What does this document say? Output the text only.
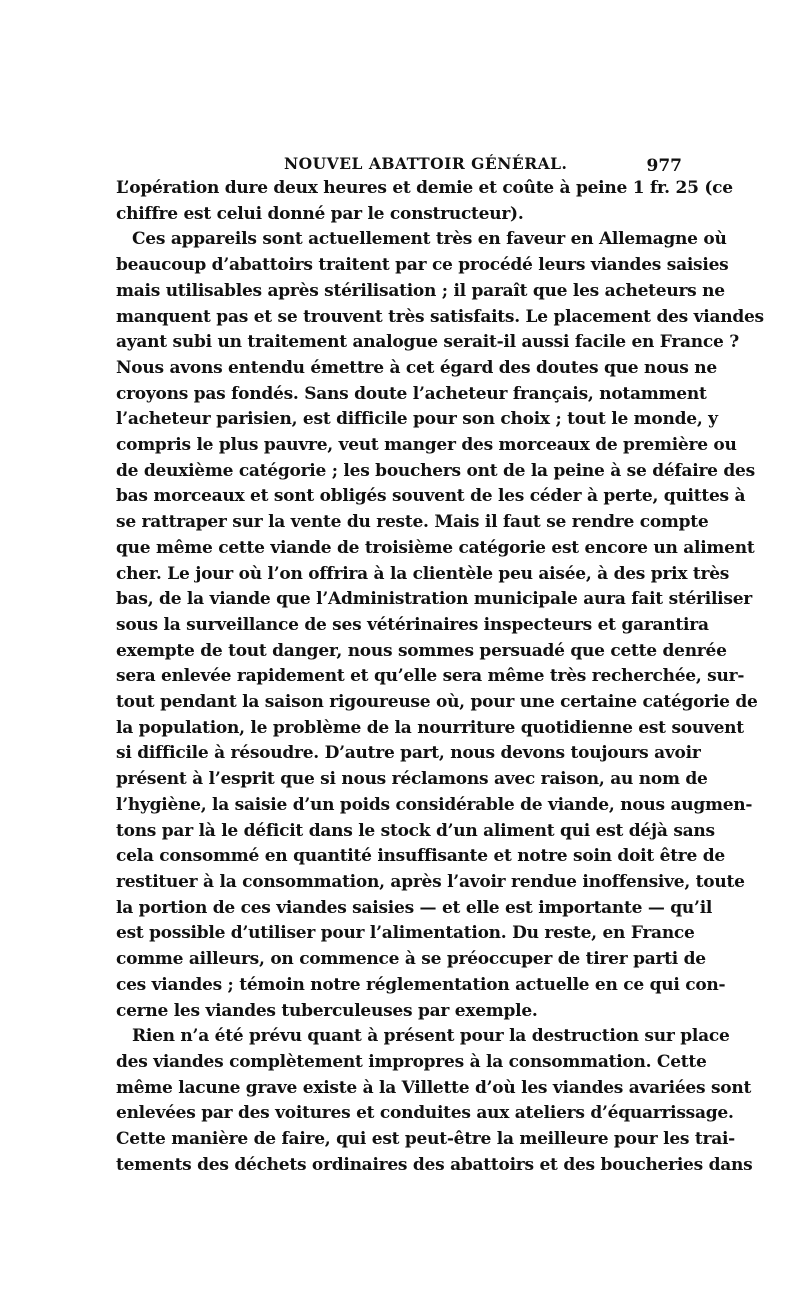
NOUVEL ABATTOIR GÉNÉRAL.	977
L’opération dure deux heures et demie et coûte à peine 1 fr. 25 (ce
chiffre est celui donné par le constructeur).
Ces appareils sont actuellement très en faveur en Allemagne où
beaucoup d’abattoirs traitent par ce procédé leurs viandes saisies
mais utilisables après stérilisation ; il paraît que les acheteurs ne
manquent pas et se trouvent très satisfaits. Le placement des viandes
ayant subi un traitement analogue serait-il aussi facile en France ?
Nous avons entendu émettre à cet égard des doutes que nous ne
croyons pas fondés. Sans doute l’acheteur français, notamment
l’acheteur parisien, est difficile pour son choix ; tout le monde, y
compris le plus pauvre, veut manger des morceaux de première ou
de deuxième catégorie ; les bouchers ont de la peine à se défaire des
bas morceaux et sont obligés souvent de les céder à perte, quittes à
se rattraper sur la vente du reste. Mais il faut se rendre compte
que même cette viande de troisième catégorie est encore un aliment
cher. Le jour où l’on offrira à la clientèle peu aisée, à des prix très
bas, de la viande que l’Administration municipale aura fait stériliser
sous la surveillance de ses vétérinaires inspecteurs et garantira
exempte de tout danger, nous sommes persuadé que cette denrée
sera enlevée rapidement et qu’elle sera même très recherchée, sur-
tout pendant la saison rigoureuse où, pour une certaine catégorie de
la population, le problème de la nourriture quotidienne est souvent
si difficile à résoudre. D’autre part, nous devons toujours avoir
présent à l’esprit que si nous réclamons avec raison, au nom de
l’hygiène, la saisie d’un poids considérable de viande, nous augmen-
tons par là le déficit dans le stock d’un aliment qui est déjà sans
cela consommé en quantité insuffisante et notre soin doit être de
restituer à la consommation, après l’avoir rendue inoffensive, toute
la portion de ces viandes saisies — et elle est importante — qu’il
est possible d’utiliser pour l’alimentation. Du reste, en France
comme ailleurs, on commence à se préoccuper de tirer parti de
ces viandes ; témoin notre réglementation actuelle en ce qui con-
cerne les viandes tuberculeuses par exemple.
Rien n’a été prévu quant à présent pour la destruction sur place
des viandes complètement impropres à la consommation. Cette
même lacune grave existe à la Villette d’où les viandes avariées sont
enlevées par des voitures et conduites aux ateliers d’équarrissage.
Cette manière de faire, qui est peut-être la meilleure pour les trai-
tements des déchets ordinaires des abattoirs et des boucheries dans
